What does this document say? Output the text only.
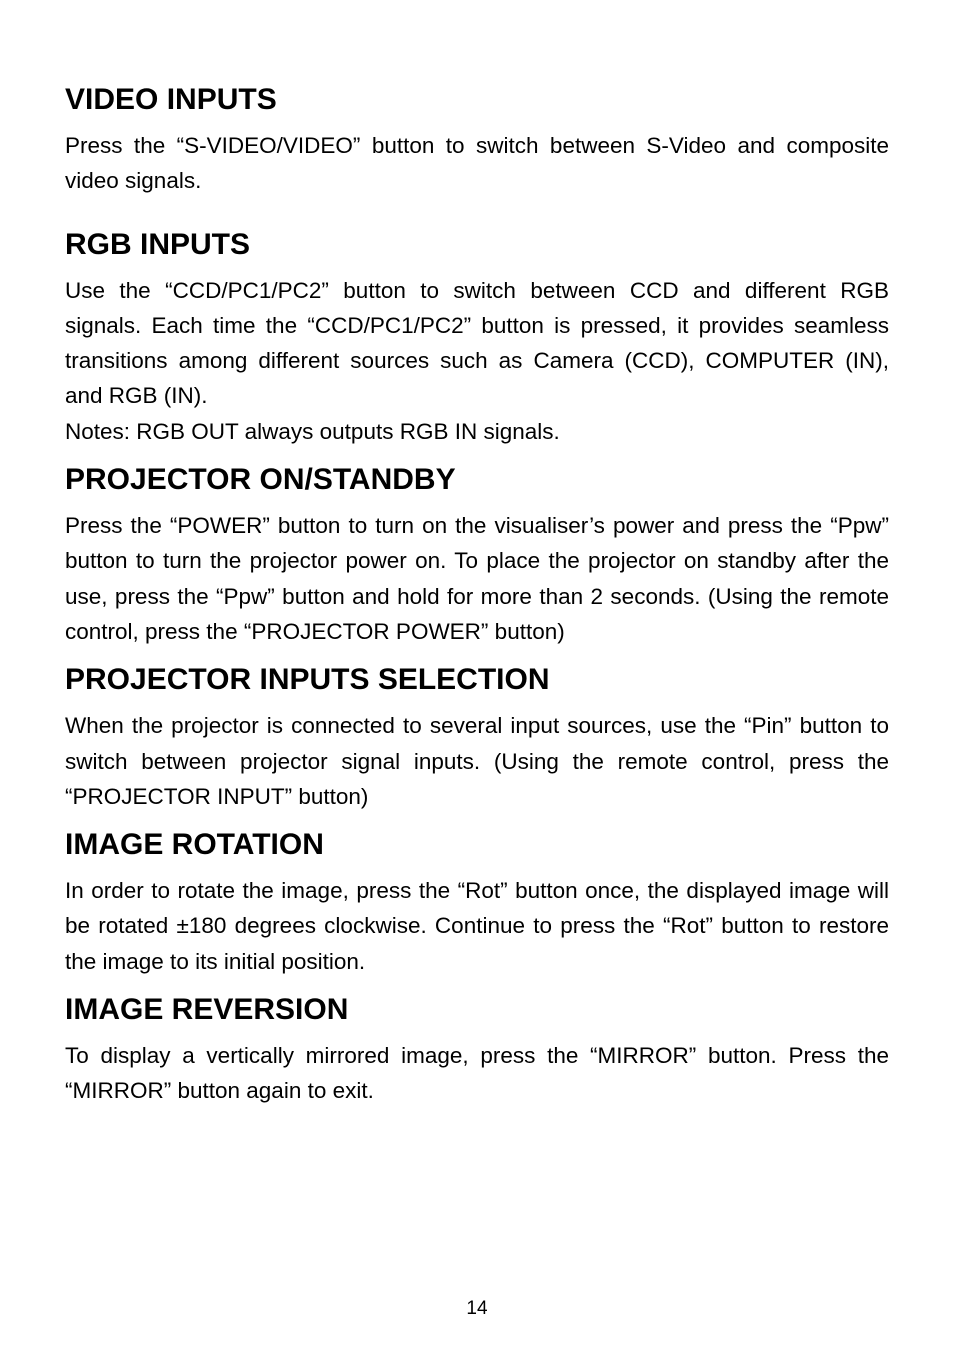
VIDEO INPUTS

Press the “S-VIDEO/VIDEO” button to switch between S-Video and composite video signals.

RGB INPUTS

Use the “CCD/PC1/PC2” button to switch between CCD and different RGB signals. Each time the “CCD/PC1/PC2” button is pressed, it provides seamless transitions among different sources such as Camera (CCD), COMPUTER (IN), and RGB (IN).

Notes: RGB OUT always outputs RGB IN signals.

PROJECTOR ON/STANDBY

Press the “POWER” button to turn on the visualiser’s power and press the “Ppw” button to turn the projector power on. To place the projector on standby after the use, press the “Ppw” button and hold for more than 2 seconds. (Using the remote control, press the “PROJECTOR POWER” button)

PROJECTOR INPUTS SELECTION

When the projector is connected to several input sources, use the “Pin” button to switch between projector signal inputs. (Using the remote control, press the “PROJECTOR INPUT” button)

IMAGE ROTATION

In order to rotate the image, press the “Rot” button once, the displayed image will be rotated ±180 degrees clockwise. Continue to press the “Rot” button to restore the image to its initial position.

IMAGE REVERSION

To display a vertically mirrored image, press the “MIRROR” button. Press the “MIRROR” button again to exit.

14
